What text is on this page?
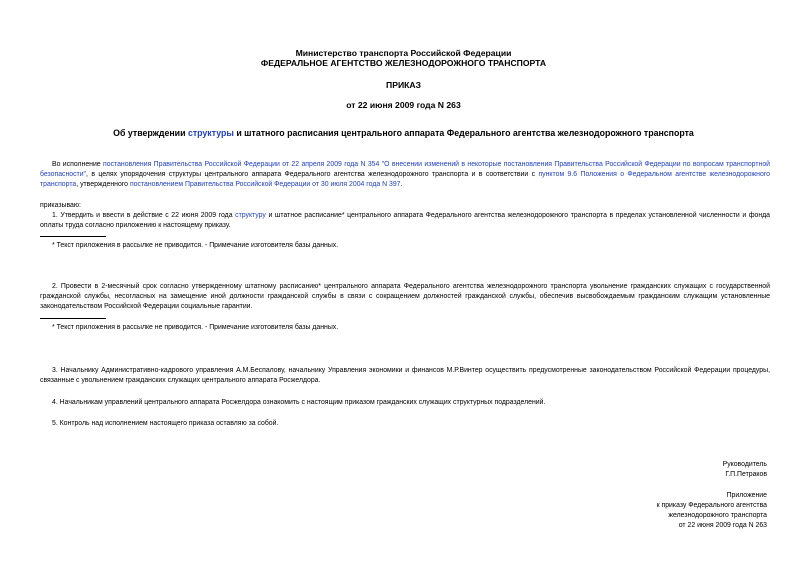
Министерство транспорта Российской Федерации
ФЕДЕРАЛЬНОЕ АГЕНТСТВО ЖЕЛЕЗНОДОРОЖНОГО ТРАНСПОРТА
ПРИКАЗ
от 22 июня 2009 года N 263
Об утверждении структуры и штатного расписания центрального аппарата Федерального агентства железнодорожного транспорта
Во исполнение постановления Правительства Российской Федерации от 22 апреля 2009 года N 354 "О внесении изменений в некоторые постановления Правительства Российской Федерации по вопросам транспортной безопасности", в целях упорядочения структуры центрального аппарата Федерального агентства железнодорожного транспорта и в соответствии с пунктом 9.6 Положения о Федеральном агентстве железнодорожного транспорта, утвержденного постановлением Правительства Российской Федерации от 30 июля 2004 года N 397.
приказываю:
1. Утвердить и ввести в действие с 22 июня 2009 года структуру и штатное расписание* центрального аппарата Федерального агентства железнодорожного транспорта в пределах установленной численности и фонда оплаты труда согласно приложению к настоящему приказу.
* Текст приложения в рассылке не приводится. - Примечание изготовителя базы данных.
2. Провести в 2-месячный срок согласно утвержденному штатному расписанию* центрального аппарата Федерального агентства железнодорожного транспорта увольнение гражданских служащих с государственной гражданской службы, несогласных на замещение иной должности гражданской службы в связи с сокращением должностей гражданской службы, обеспечив высвобождаемым гражданским служащим установленные законодательством Российской Федерации социальные гарантии.
* Текст приложения в рассылке не приводится. - Примечание изготовителя базы данных.
3. Начальнику Административно-кадрового управления А.М.Беспалову, начальнику Управления экономики и финансов М.Р.Винтер осуществить предусмотренные законодательством Российской Федерации процедуры, связанные с увольнением гражданских служащих центрального аппарата Росжелдора.
4. Начальникам управлений центрального аппарата Росжелдора ознакомить с настоящим приказом гражданских служащих структурных подразделений.
5. Контроль над исполнением настоящего приказа оставляю за собой.
Руководитель
Г.П.Петраков
Приложение
к приказу Федерального агентства
железнодорожного транспорта
от 22 июня 2009 года N 263
